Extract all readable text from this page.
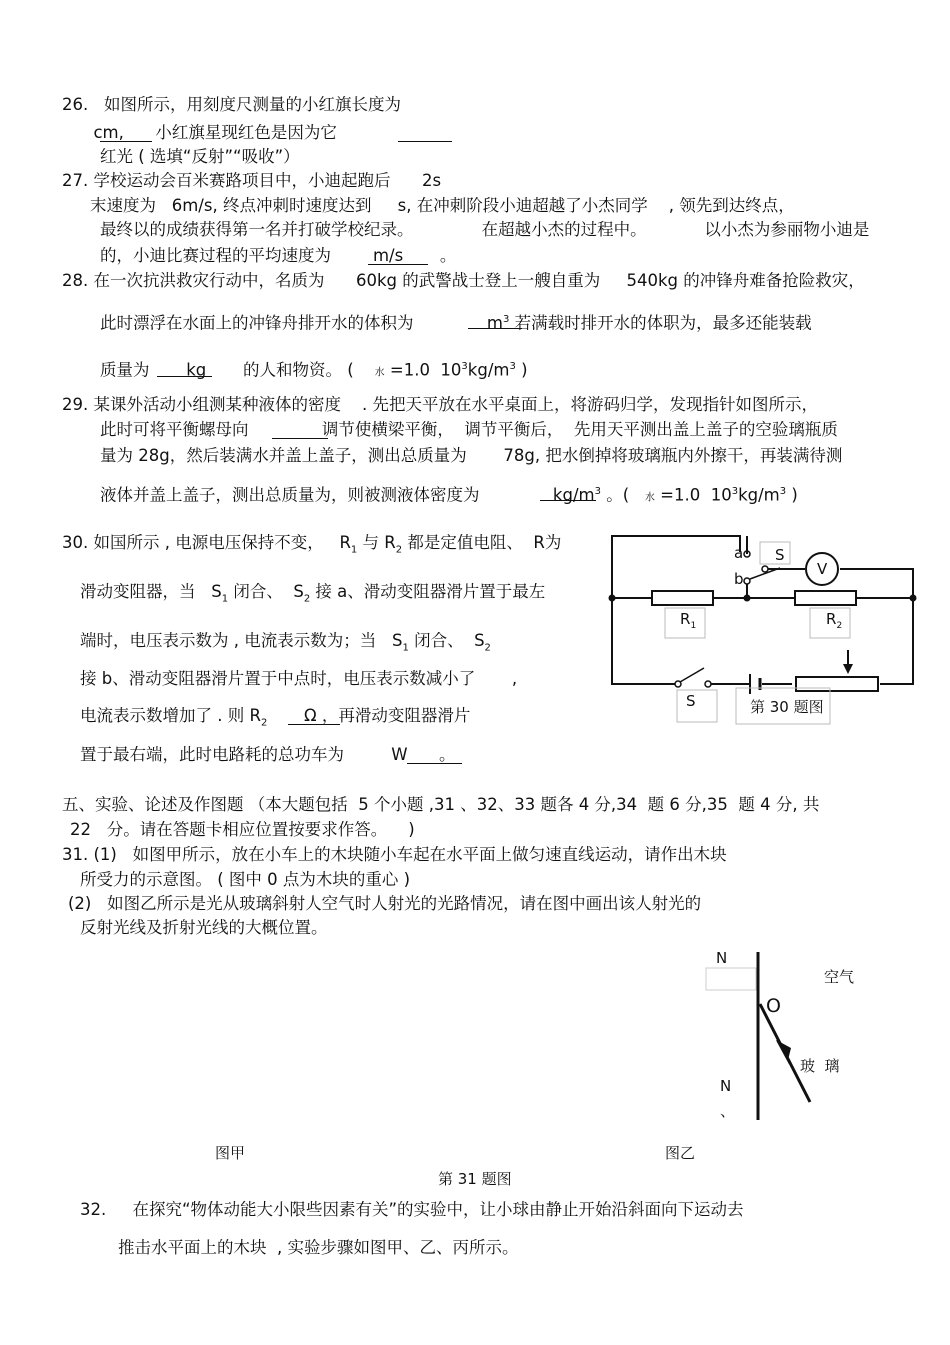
26.   如图所示，用刻度尺测量的小红旗长度为
cm,      小红旗星现红色是因为它
红光 ( 选填“反射”“吸收”）
27. 学校运动会百米赛路项目中，小迪起跑后      2s
末速度为   6m/s, 终点冲刺时速度达到     s, 在冲刺阶段小迪超越了小杰同学    , 领先到达终点，
最终以的成绩获得第一名并打破学校纪录。             在超越小杰的过程中。           以小杰为参丽物小迪是
的，小迪比赛过程的平均速度为        m/s       。
28. 在一次抗洪救灾行动中，名质为      60kg 的武警战士登上一艘自重为     540kg 的冲锋舟难备抢险救灾，
此时漂浮在水面上的冲锋舟排开水的体积为              $m^3$ 若满载时排开水的体职为，最多还能装载
质量为       kg       的人和物资。 (    水 =1.0  $10^3kg/m^3$ )
29. 某课外活动小组测某种液体的密度    . 先把天平放在水平桌面上，将游码归学，发现指针如图所示，
此时可将平衡螺母向              调节使横梁平衡，  调节平衡后，  先用天平测出盖上盖子的空验璃瓶质
量为 28g，然后装满水并盖上盖子，测出总质量为       78g, 把水倒掉将玻璃瓶内外擦干，再装满待测
液体并盖上盖子，测出总质量为，则被测液体密度为              $kg/m^3$ 。(   水 =1.0  $10^3kg/m^3$ )
30. 如国所示 , 电源电压保持不变，   $R_1$ 与 $R_2$ 都是定值电阻、  R为
滑动变阻器，当   $S_1$ 闭合、  $S_2$ 接 a、滑动变阻器滑片置于最左
端时，电压表示数为 , 电流表示数为；当   $S_1$ 闭合、  $S_2$
接 b、滑动变阻器滑片置于中点时，电压表示数减小了       ,
电流表示数增加了 . 则 $R_2$       Ω ，再滑动变阻器滑片
置于最右端，此时电路耗的总功车为         W      。
a
b
S
V
$R_1$	$R_2$
S	第 30 题图
五、实验、论述及作图题 （本大题包括  5 个小题 ,31 、32、33 题各 4 分,34  题 6 分,35  题 4 分, 共
22   分。请在答题卡相应位置按要求作答。    )
31. (1)   如图甲所示，放在小车上的木块随小车起在水平面上做匀速直线运动，请作出木块
所受力的示意图。 ( 图中 0 点为木块的重心 )
(2)   如图乙所示是光从玻璃斜射人空气时人射光的光路情况，请在图中画出该人射光的
反射光线及折射光线的大概位置。
N
空气
O
玻  璃
N
、
图甲	图乙
第 31 题图
32.     在探究“物体动能大小限些因素有关”的实验中，让小球由静止开始沿斜面向下运动去
推击水平面上的木块  , 实验步骤如图甲、乙、丙所示。
